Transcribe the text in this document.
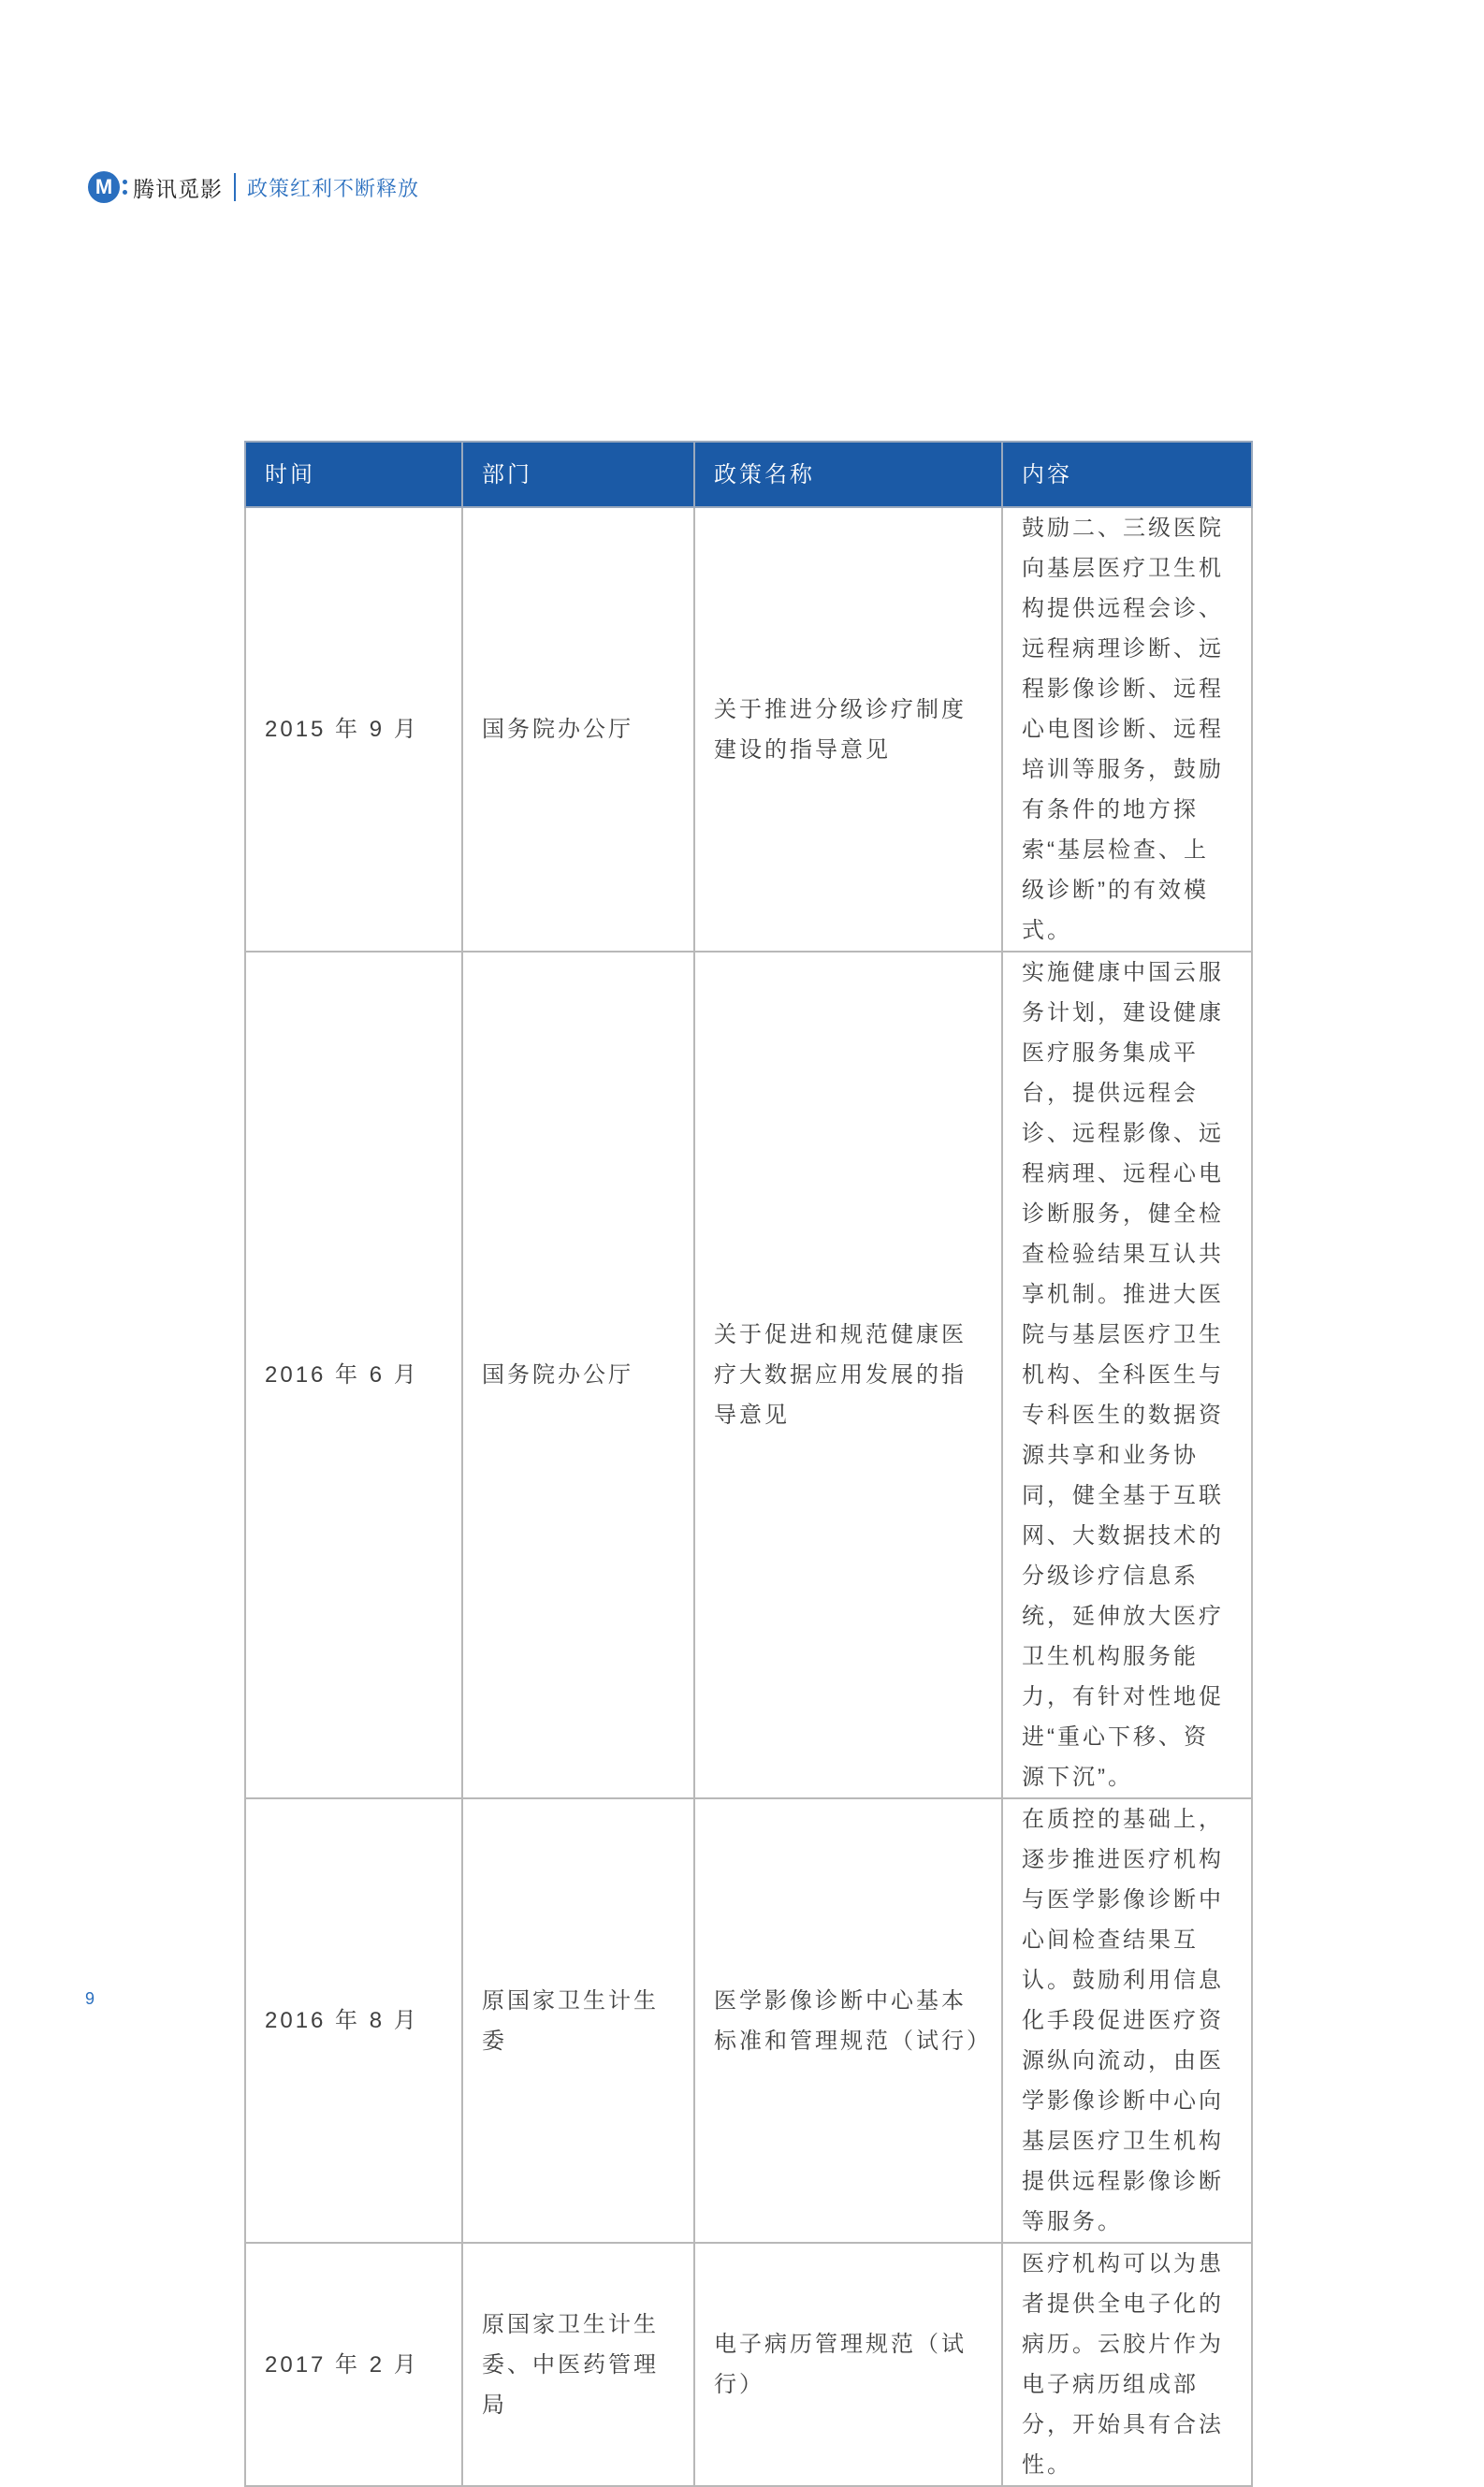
M 腾讯觅影 政策红利不断释放
时间	部门	政策名称	内容
2015 年 9 月	国务院办公厅	关于推进分级诊疗制度建设的指导意见	鼓励二、三级医院向基层医疗卫生机构提供远程会诊、远程病理诊断、远程影像诊断、远程心电图诊断、远程培训等服务，鼓励有条件的地方探索“基层检查、上级诊断”的有效模式。
2016 年 6 月	国务院办公厅	关于促进和规范健康医疗大数据应用发展的指导意见	实施健康中国云服务计划，建设健康医疗服务集成平台，提供远程会诊、远程影像、远程病理、远程心电诊断服务，健全检查检验结果互认共享机制。推进大医院与基层医疗卫生机构、全科医生与专科医生的数据资源共享和业务协同，健全基于互联网、大数据技术的分级诊疗信息系统，延伸放大医疗卫生机构服务能力，有针对性地促进“重心下移、资源下沉”。
2016 年 8 月	原国家卫生计生委	医学影像诊断中心基本标准和管理规范（试行）	在质控的基础上，逐步推进医疗机构与医学影像诊断中心间检查结果互认。鼓励利用信息化手段促进医疗资源纵向流动，由医学影像诊断中心向基层医疗卫生机构提供远程影像诊断等服务。
2017 年 2 月	原国家卫生计生委、中医药管理局	电子病历管理规范（试行）	医疗机构可以为患者提供全电子化的病历。云胶片作为电子病历组成部分，开始具有合法性。
9
